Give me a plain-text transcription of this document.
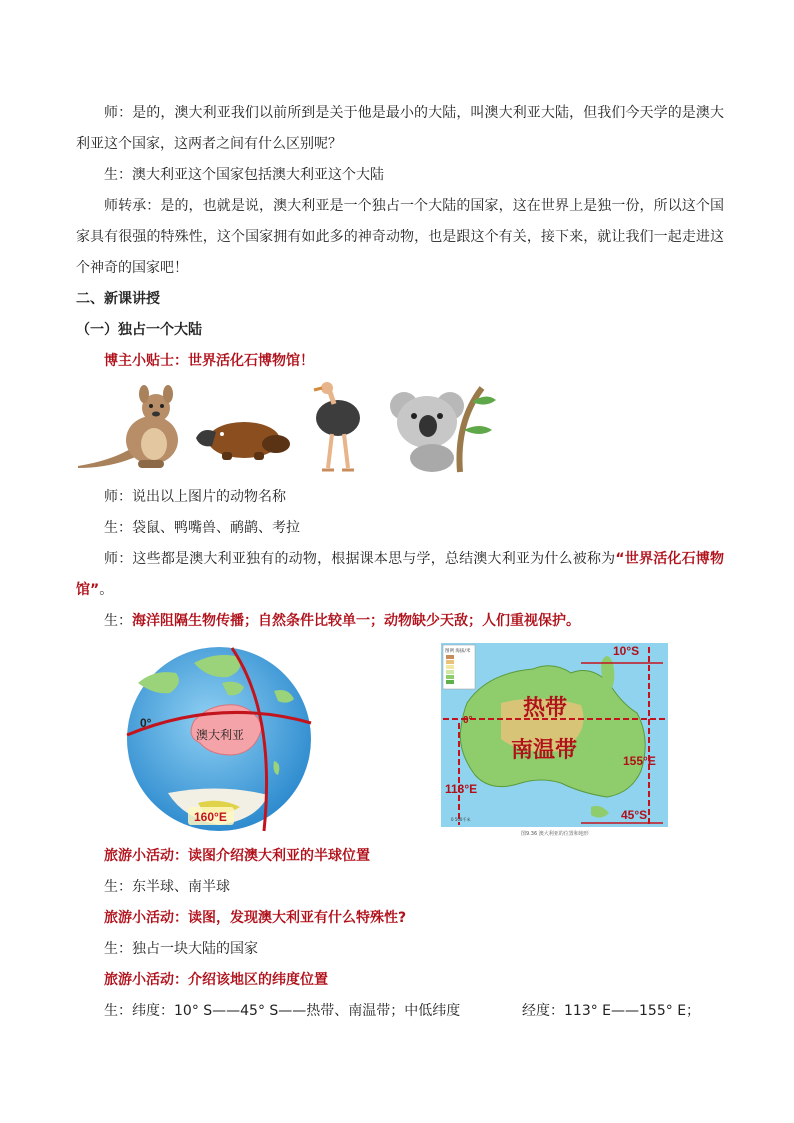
师：是的，澳大利亚我们以前所到是关于他是最小的大陆，叫澳大利亚大陆，但我们今天学的是澳大利亚这个国家，这两者之间有什么区别呢？

生：澳大利亚这个国家包括澳大利亚这个大陆

师转承：是的，也就是说，澳大利亚是一个独占一个大陆的国家，这在世界上是独一份，所以这个国家具有很强的特殊性，这个国家拥有如此多的神奇动物，也是跟这个有关，接下来，就让我们一起走进这个神奇的国家吧！

二、新课讲授

（一）独占一个大陆

博主小贴士：世界活化石博物馆！

师：说出以上图片的动物名称

生：袋鼠、鸭嘴兽、鸸鹋、考拉

师：这些都是澳大利亚独有的动物，根据课本思与学，总结澳大利亚为什么被称为“世界活化石博物馆”。

生：海洋阻隔生物传播；自然条件比较单一；动物缺少天敌；人们重视保护。

0°
澳大利亚
160°E
图例 海拔/米
热带
南温带
0°
10°S
45°S
113°E
155°E
0 500千米
图9.36 澳大利亚的位置和地形

旅游小活动：读图介绍澳大利亚的半球位置

生：东半球、南半球

旅游小活动：读图，发现澳大利亚有什么特殊性?

生：独占一块大陆的国家

旅游小活动：介绍该地区的纬度位置

生：纬度：10° S——45° S——热带、南温带；中低纬度	经度：113° E——155° E；
